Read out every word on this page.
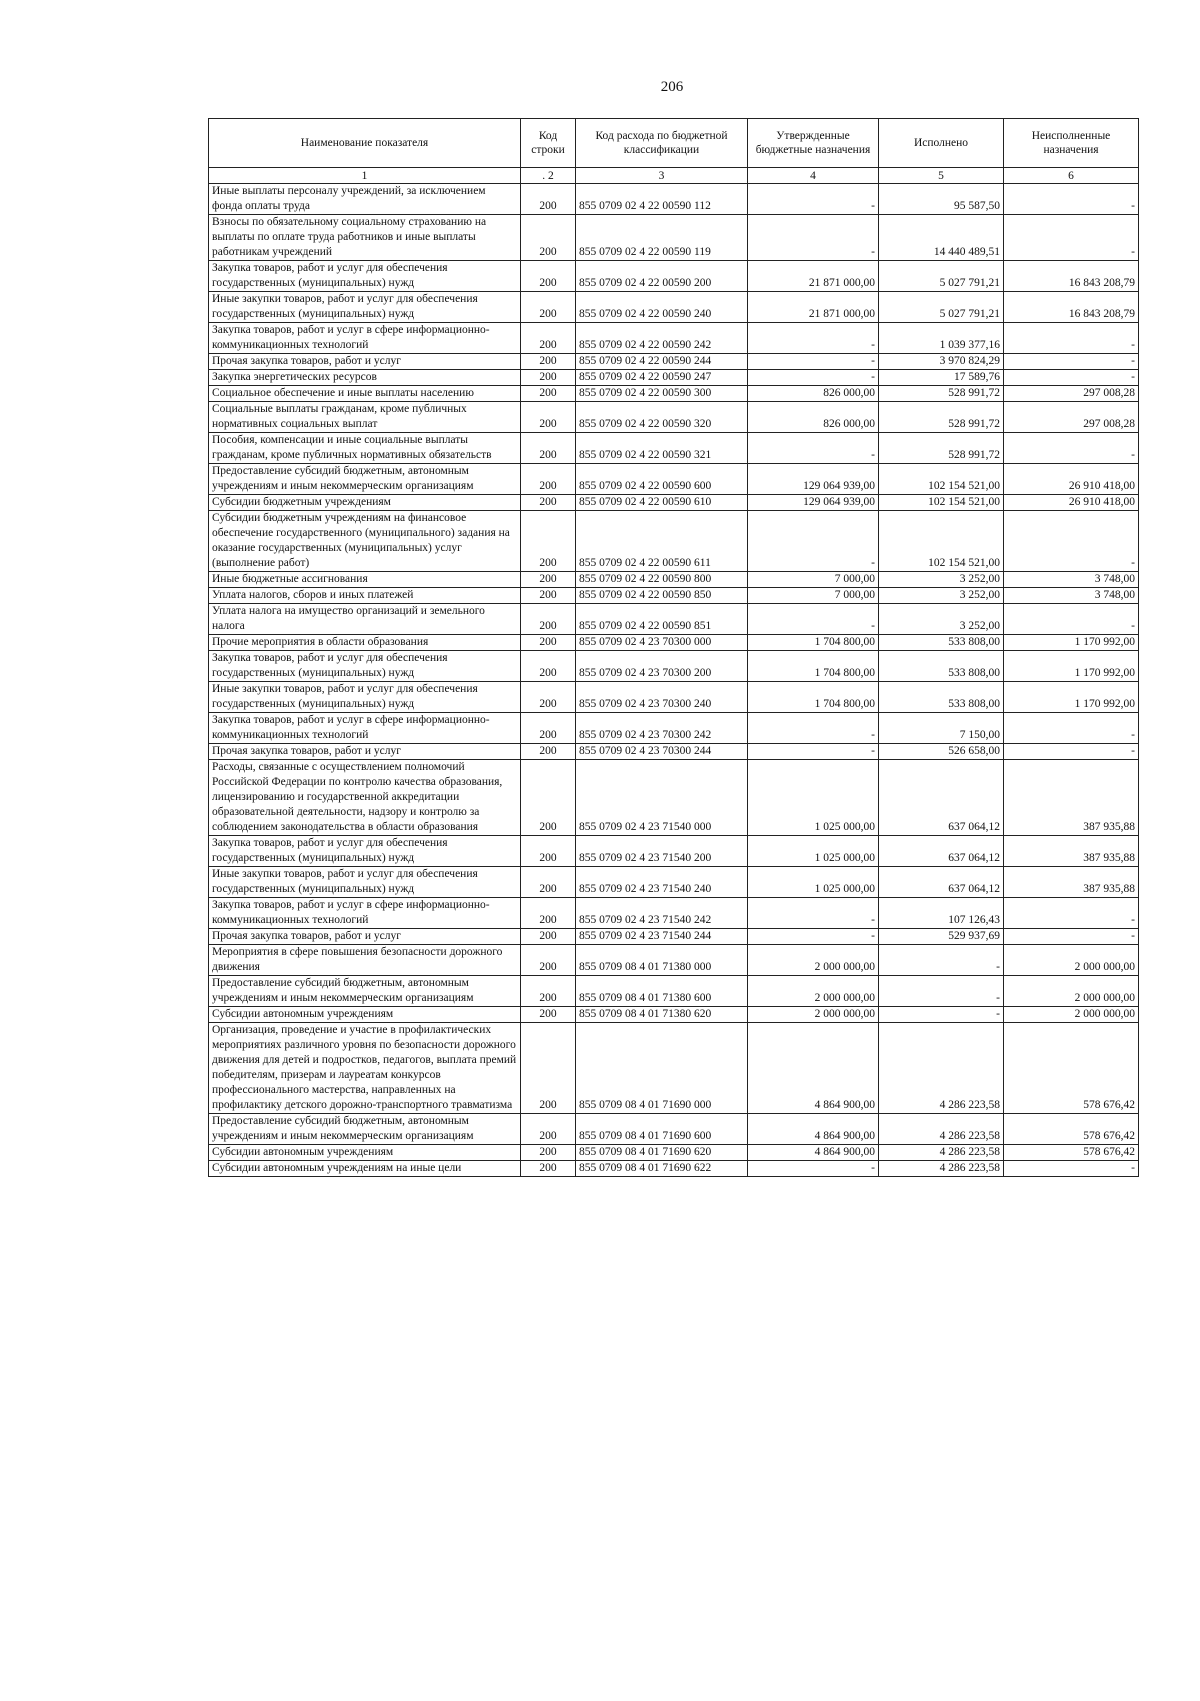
206
Наименование показателя	Код строки	Код расхода по бюджетной классификации	Утвержденные бюджетные назначения	Исполнено	Неисполненные назначения
1	. 2	3	4	5	6
Иные выплаты персоналу учреждений, за исключением фонда оплаты труда	200	855 0709 02 4 22 00590 112	-	95 587,50	-
Взносы по обязательному социальному страхованию на выплаты по оплате труда работников и иные выплаты работникам учреждений	200	855 0709 02 4 22 00590 119	-	14 440 489,51	-
Закупка товаров, работ и услуг для обеспечения государственных (муниципальных) нужд	200	855 0709 02 4 22 00590 200	21 871 000,00	5 027 791,21	16 843 208,79
Иные закупки товаров, работ и услуг для обеспечения государственных (муниципальных) нужд	200	855 0709 02 4 22 00590 240	21 871 000,00	5 027 791,21	16 843 208,79
Закупка товаров, работ и услуг в сфере информационно-коммуникационных технологий	200	855 0709 02 4 22 00590 242	-	1 039 377,16	-
Прочая закупка товаров, работ и услуг	200	855 0709 02 4 22 00590 244	-	3 970 824,29	-
Закупка энергетических ресурсов	200	855 0709 02 4 22 00590 247	-	17 589,76	-
Социальное обеспечение и иные выплаты населению	200	855 0709 02 4 22 00590 300	826 000,00	528 991,72	297 008,28
Социальные выплаты гражданам, кроме публичных нормативных социальных выплат	200	855 0709 02 4 22 00590 320	826 000,00	528 991,72	297 008,28
Пособия, компенсации и иные социальные выплаты гражданам, кроме публичных нормативных обязательств	200	855 0709 02 4 22 00590 321	-	528 991,72	-
Предоставление субсидий бюджетным, автономным учреждениям и иным некоммерческим организациям	200	855 0709 02 4 22 00590 600	129 064 939,00	102 154 521,00	26 910 418,00
Субсидии бюджетным учреждениям	200	855 0709 02 4 22 00590 610	129 064 939,00	102 154 521,00	26 910 418,00
Субсидии бюджетным учреждениям на финансовое обеспечение государственного (муниципального) задания на оказание государственных (муниципальных) услуг (выполнение работ)	200	855 0709 02 4 22 00590 611	-	102 154 521,00	-
Иные бюджетные ассигнования	200	855 0709 02 4 22 00590 800	7 000,00	3 252,00	3 748,00
Уплата налогов, сборов и иных платежей	200	855 0709 02 4 22 00590 850	7 000,00	3 252,00	3 748,00
Уплата налога на имущество организаций и земельного налога	200	855 0709 02 4 22 00590 851	-	3 252,00	-
Прочие мероприятия в области образования	200	855 0709 02 4 23 70300 000	1 704 800,00	533 808,00	1 170 992,00
Закупка товаров, работ и услуг для обеспечения государственных (муниципальных) нужд	200	855 0709 02 4 23 70300 200	1 704 800,00	533 808,00	1 170 992,00
Иные закупки товаров, работ и услуг для обеспечения государственных (муниципальных) нужд	200	855 0709 02 4 23 70300 240	1 704 800,00	533 808,00	1 170 992,00
Закупка товаров, работ и услуг в сфере информационно-коммуникационных технологий	200	855 0709 02 4 23 70300 242	-	7 150,00	-
Прочая закупка товаров, работ и услуг	200	855 0709 02 4 23 70300 244	-	526 658,00	-
Расходы, связанные с осуществлением полномочий Российской Федерации по контролю качества образования, лицензированию и государственной аккредитации образовательной деятельности, надзору и контролю за соблюдением законодательства в области образования	200	855 0709 02 4 23 71540 000	1 025 000,00	637 064,12	387 935,88
Закупка товаров, работ и услуг для обеспечения государственных (муниципальных) нужд	200	855 0709 02 4 23 71540 200	1 025 000,00	637 064,12	387 935,88
Иные закупки товаров, работ и услуг для обеспечения государственных (муниципальных) нужд	200	855 0709 02 4 23 71540 240	1 025 000,00	637 064,12	387 935,88
Закупка товаров, работ и услуг в сфере информационно-коммуникационных технологий	200	855 0709 02 4 23 71540 242	-	107 126,43	-
Прочая закупка товаров, работ и услуг	200	855 0709 02 4 23 71540 244	-	529 937,69	-
Мероприятия в сфере повышения безопасности дорожного движения	200	855 0709 08 4 01 71380 000	2 000 000,00	-	2 000 000,00
Предоставление субсидий бюджетным, автономным учреждениям и иным некоммерческим организациям	200	855 0709 08 4 01 71380 600	2 000 000,00	-	2 000 000,00
Субсидии автономным учреждениям	200	855 0709 08 4 01 71380 620	2 000 000,00	-	2 000 000,00
Организация, проведение и участие в профилактических мероприятиях различного уровня по безопасности дорожного движения для детей и подростков, педагогов, выплата премий победителям, призерам и лауреатам конкурсов профессионального мастерства, направленных на профилактику детского дорожно-транспортного травматизма	200	855 0709 08 4 01 71690 000	4 864 900,00	4 286 223,58	578 676,42
Предоставление субсидий бюджетным, автономным учреждениям и иным некоммерческим организациям	200	855 0709 08 4 01 71690 600	4 864 900,00	4 286 223,58	578 676,42
Субсидии автономным учреждениям	200	855 0709 08 4 01 71690 620	4 864 900,00	4 286 223,58	578 676,42
Субсидии автономным учреждениям на иные цели	200	855 0709 08 4 01 71690 622	-	4 286 223,58	-
